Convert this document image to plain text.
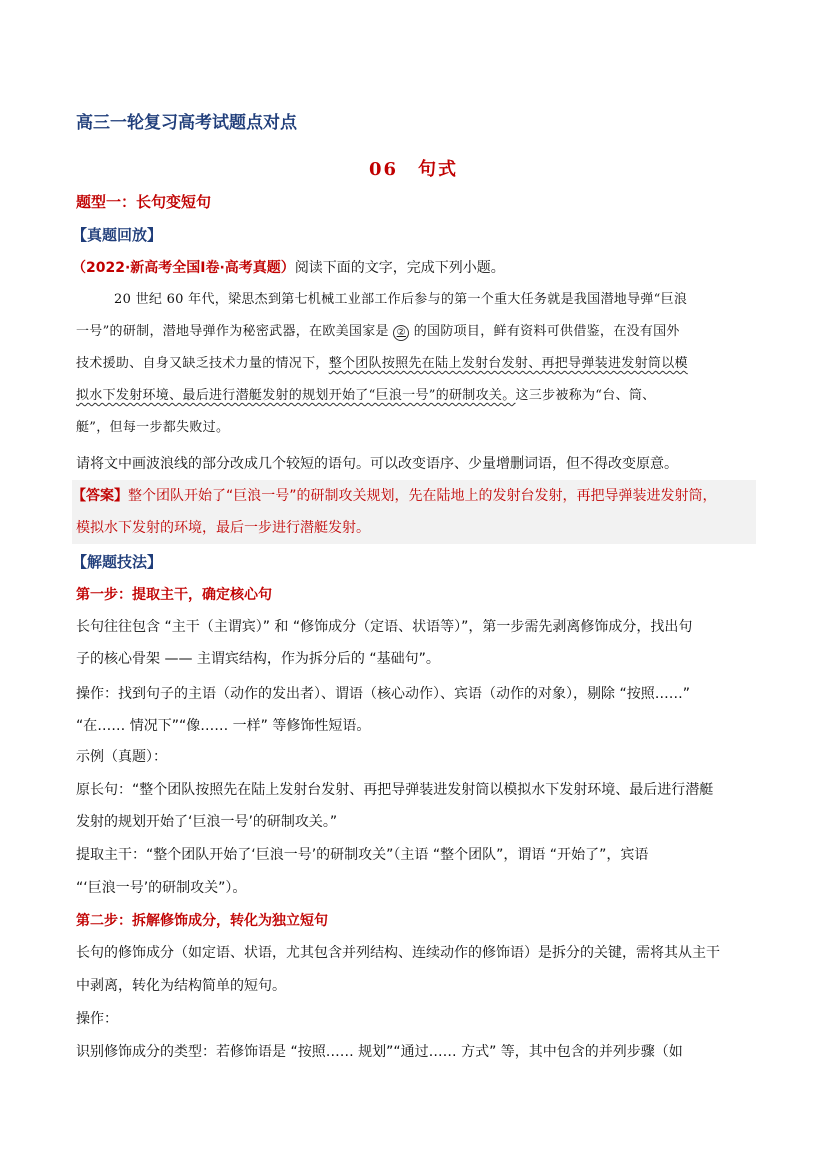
高三一轮复习高考试题点对点
06　句式
题型一：长句变短句
【真题回放】
（2022·新高考全国Ⅰ卷·高考真题）阅读下面的文字，完成下列小题。
20 世纪 60 年代，梁思杰到第七机械工业部工作后参与的第一个重大任务就是我国潜地导弹“巨浪
一号”的研制，潜地导弹作为秘密武器，在欧美国家是 ② 的国防项目，鲜有资料可供借鉴，在没有国外
技术援助、自身又缺乏技术力量的情况下，整个团队按照先在陆上发射台发射、再把导弹装进发射筒以模
拟水下发射环境、最后进行潜艇发射的规划开始了“巨浪一号”的研制攻关。这三步被称为“台、筒、
艇”，但每一步都失败过。
请将文中画波浪线的部分改成几个较短的语句。可以改变语序、少量增删词语，但不得改变原意。
【答案】整个团队开始了“巨浪一号”的研制攻关规划，先在陆地上的发射台发射，再把导弹装进发射筒，
模拟水下发射的环境，最后一步进行潜艇发射。
【解题技法】
第一步：提取主干，确定核心句
长句往往包含 “主干（主谓宾）” 和 “修饰成分（定语、状语等）”，第一步需先剥离修饰成分，找出句
子的核心骨架 —— 主谓宾结构，作为拆分后的 “基础句”。
操作：找到句子的主语（动作的发出者）、谓语（核心动作）、宾语（动作的对象），剔除 “按照……”
“在…… 情况下”“像…… 一样” 等修饰性短语。
示例（真题）：
原长句：“整个团队按照先在陆上发射台发射、再把导弹装进发射筒以模拟水下发射环境、最后进行潜艇
发射的规划开始了‘巨浪一号’的研制攻关。”
提取主干：“整个团队开始了‘巨浪一号’的研制攻关”（主语 “整个团队”，谓语 “开始了”，宾语
“‘巨浪一号’的研制攻关”）。
第二步：拆解修饰成分，转化为独立短句
长句的修饰成分（如定语、状语，尤其包含并列结构、连续动作的修饰语）是拆分的关键，需将其从主干
中剥离，转化为结构简单的短句。
操作：
识别修饰成分的类型：若修饰语是 “按照…… 规划”“通过…… 方式” 等，其中包含的并列步骤（如
